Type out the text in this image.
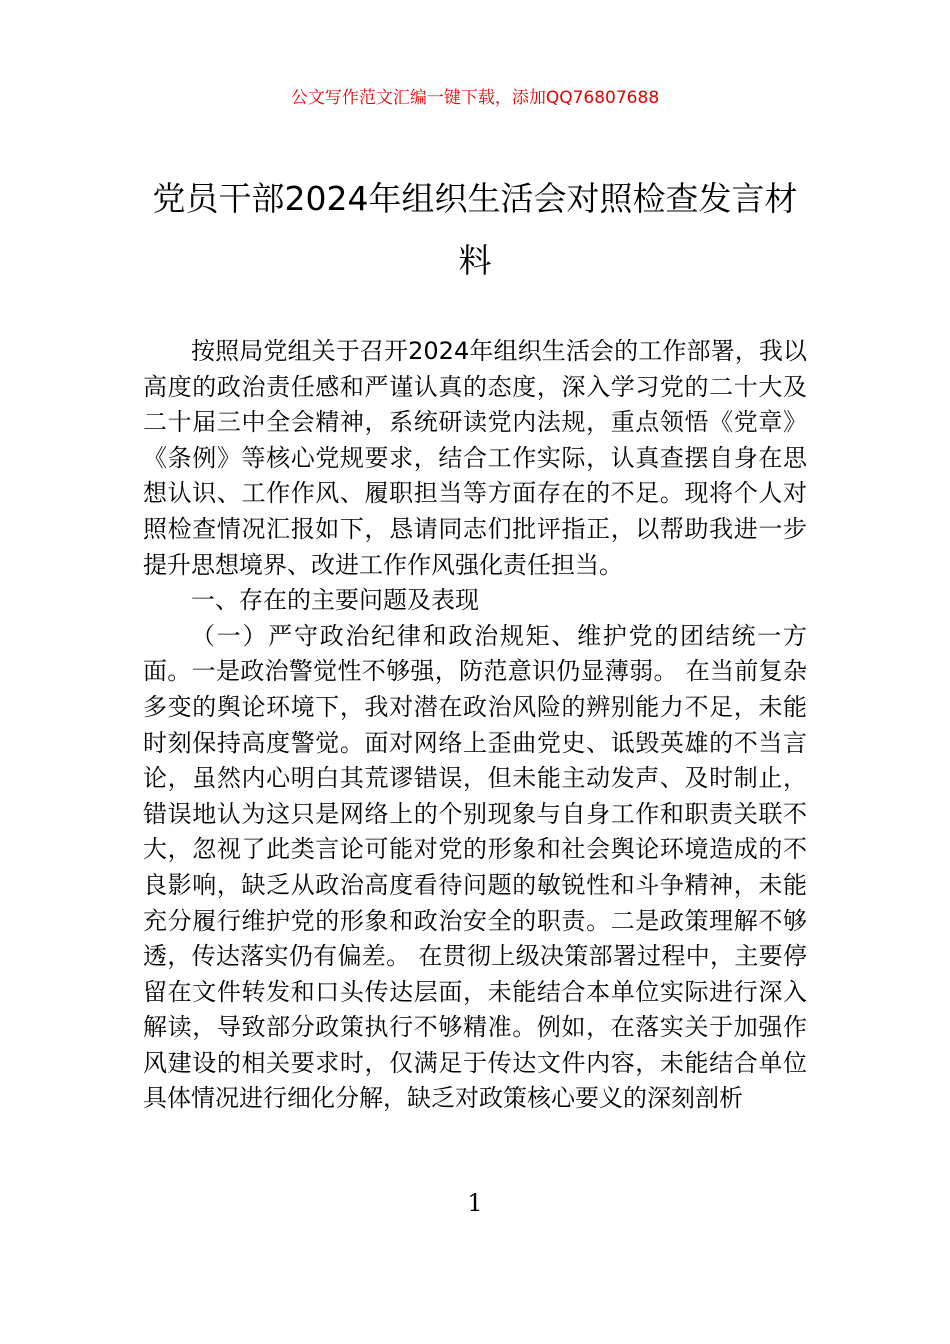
公文写作范文汇编一键下载，添加QQ76807688
党员干部2024年组织生活会对照检查发言材料

按照局党组关于召开2024年组织生活会的工作部署，我以高度的政治责任感和严谨认真的态度，深入学习党的二十大及二十届三中全会精神，系统研读党内法规，重点领悟《党章》《条例》等核心党规要求，结合工作实际，认真查摆自身在思想认识、工作作风、履职担当等方面存在的不足。现将个人对照检查情况汇报如下，恳请同志们批评指正，以帮助我进一步提升思想境界、改进工作作风强化责任担当。

一、存在的主要问题及表现

（一）严守政治纪律和政治规矩、维护党的团结统一方面。一是政治警觉性不够强，防范意识仍显薄弱。 在当前复杂多变的舆论环境下，我对潜在政治风险的辨别能力不足，未能时刻保持高度警觉。面对网络上歪曲党史、诋毁英雄的不当言论，虽然内心明白其荒谬错误，但未能主动发声、及时制止，错误地认为这只是网络上的个别现象与自身工作和职责关联不大，忽视了此类言论可能对党的形象和社会舆论环境造成的不良影响，缺乏从政治高度看待问题的敏锐性和斗争精神，未能充分履行维护党的形象和政治安全的职责。二是政策理解不够透，传达落实仍有偏差。 在贯彻上级决策部署过程中，主要停留在文件转发和口头传达层面，未能结合本单位实际进行深入解读，导致部分政策执行不够精准。例如，在落实关于加强作风建设的相关要求时，仅满足于传达文件内容，未能结合单位具体情况进行细化分解，缺乏对政策核心要义的深刻剖析

1
